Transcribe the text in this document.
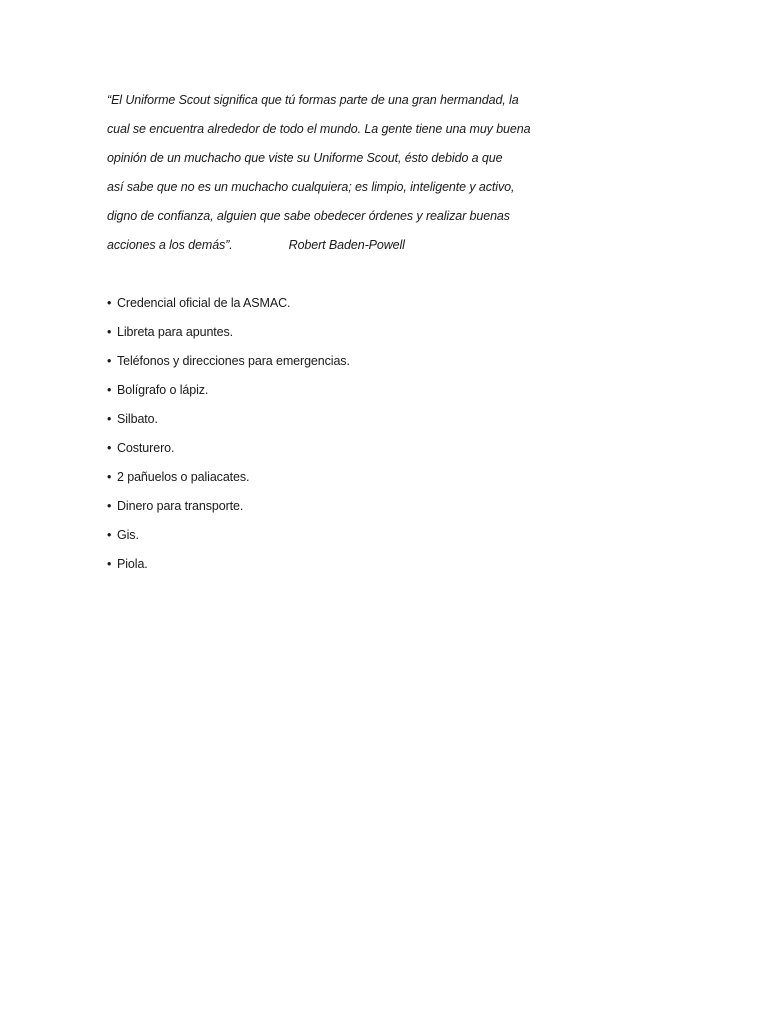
“El Uniforme Scout significa que tú formas parte de una gran hermandad, la
cual se encuentra alrededor de todo el mundo. La gente tiene una muy buena
opinión de un muchacho que viste su Uniforme Scout, ésto debido a que
así sabe que no es un muchacho cualquiera; es limpio, inteligente y activo,
digno de confianza, alguien que sabe obedecer órdenes y realizar buenas
acciones a los demás”.	Robert Baden-Powell

• Credencial oficial de la ASMAC.
• Libreta para apuntes.
• Teléfonos y direcciones para emergencias.
• Bolígrafo o lápiz.
• Silbato.
• Costurero.
• 2 pañuelos o paliacates.
• Dinero para transporte.
• Gis.
• Piola.
